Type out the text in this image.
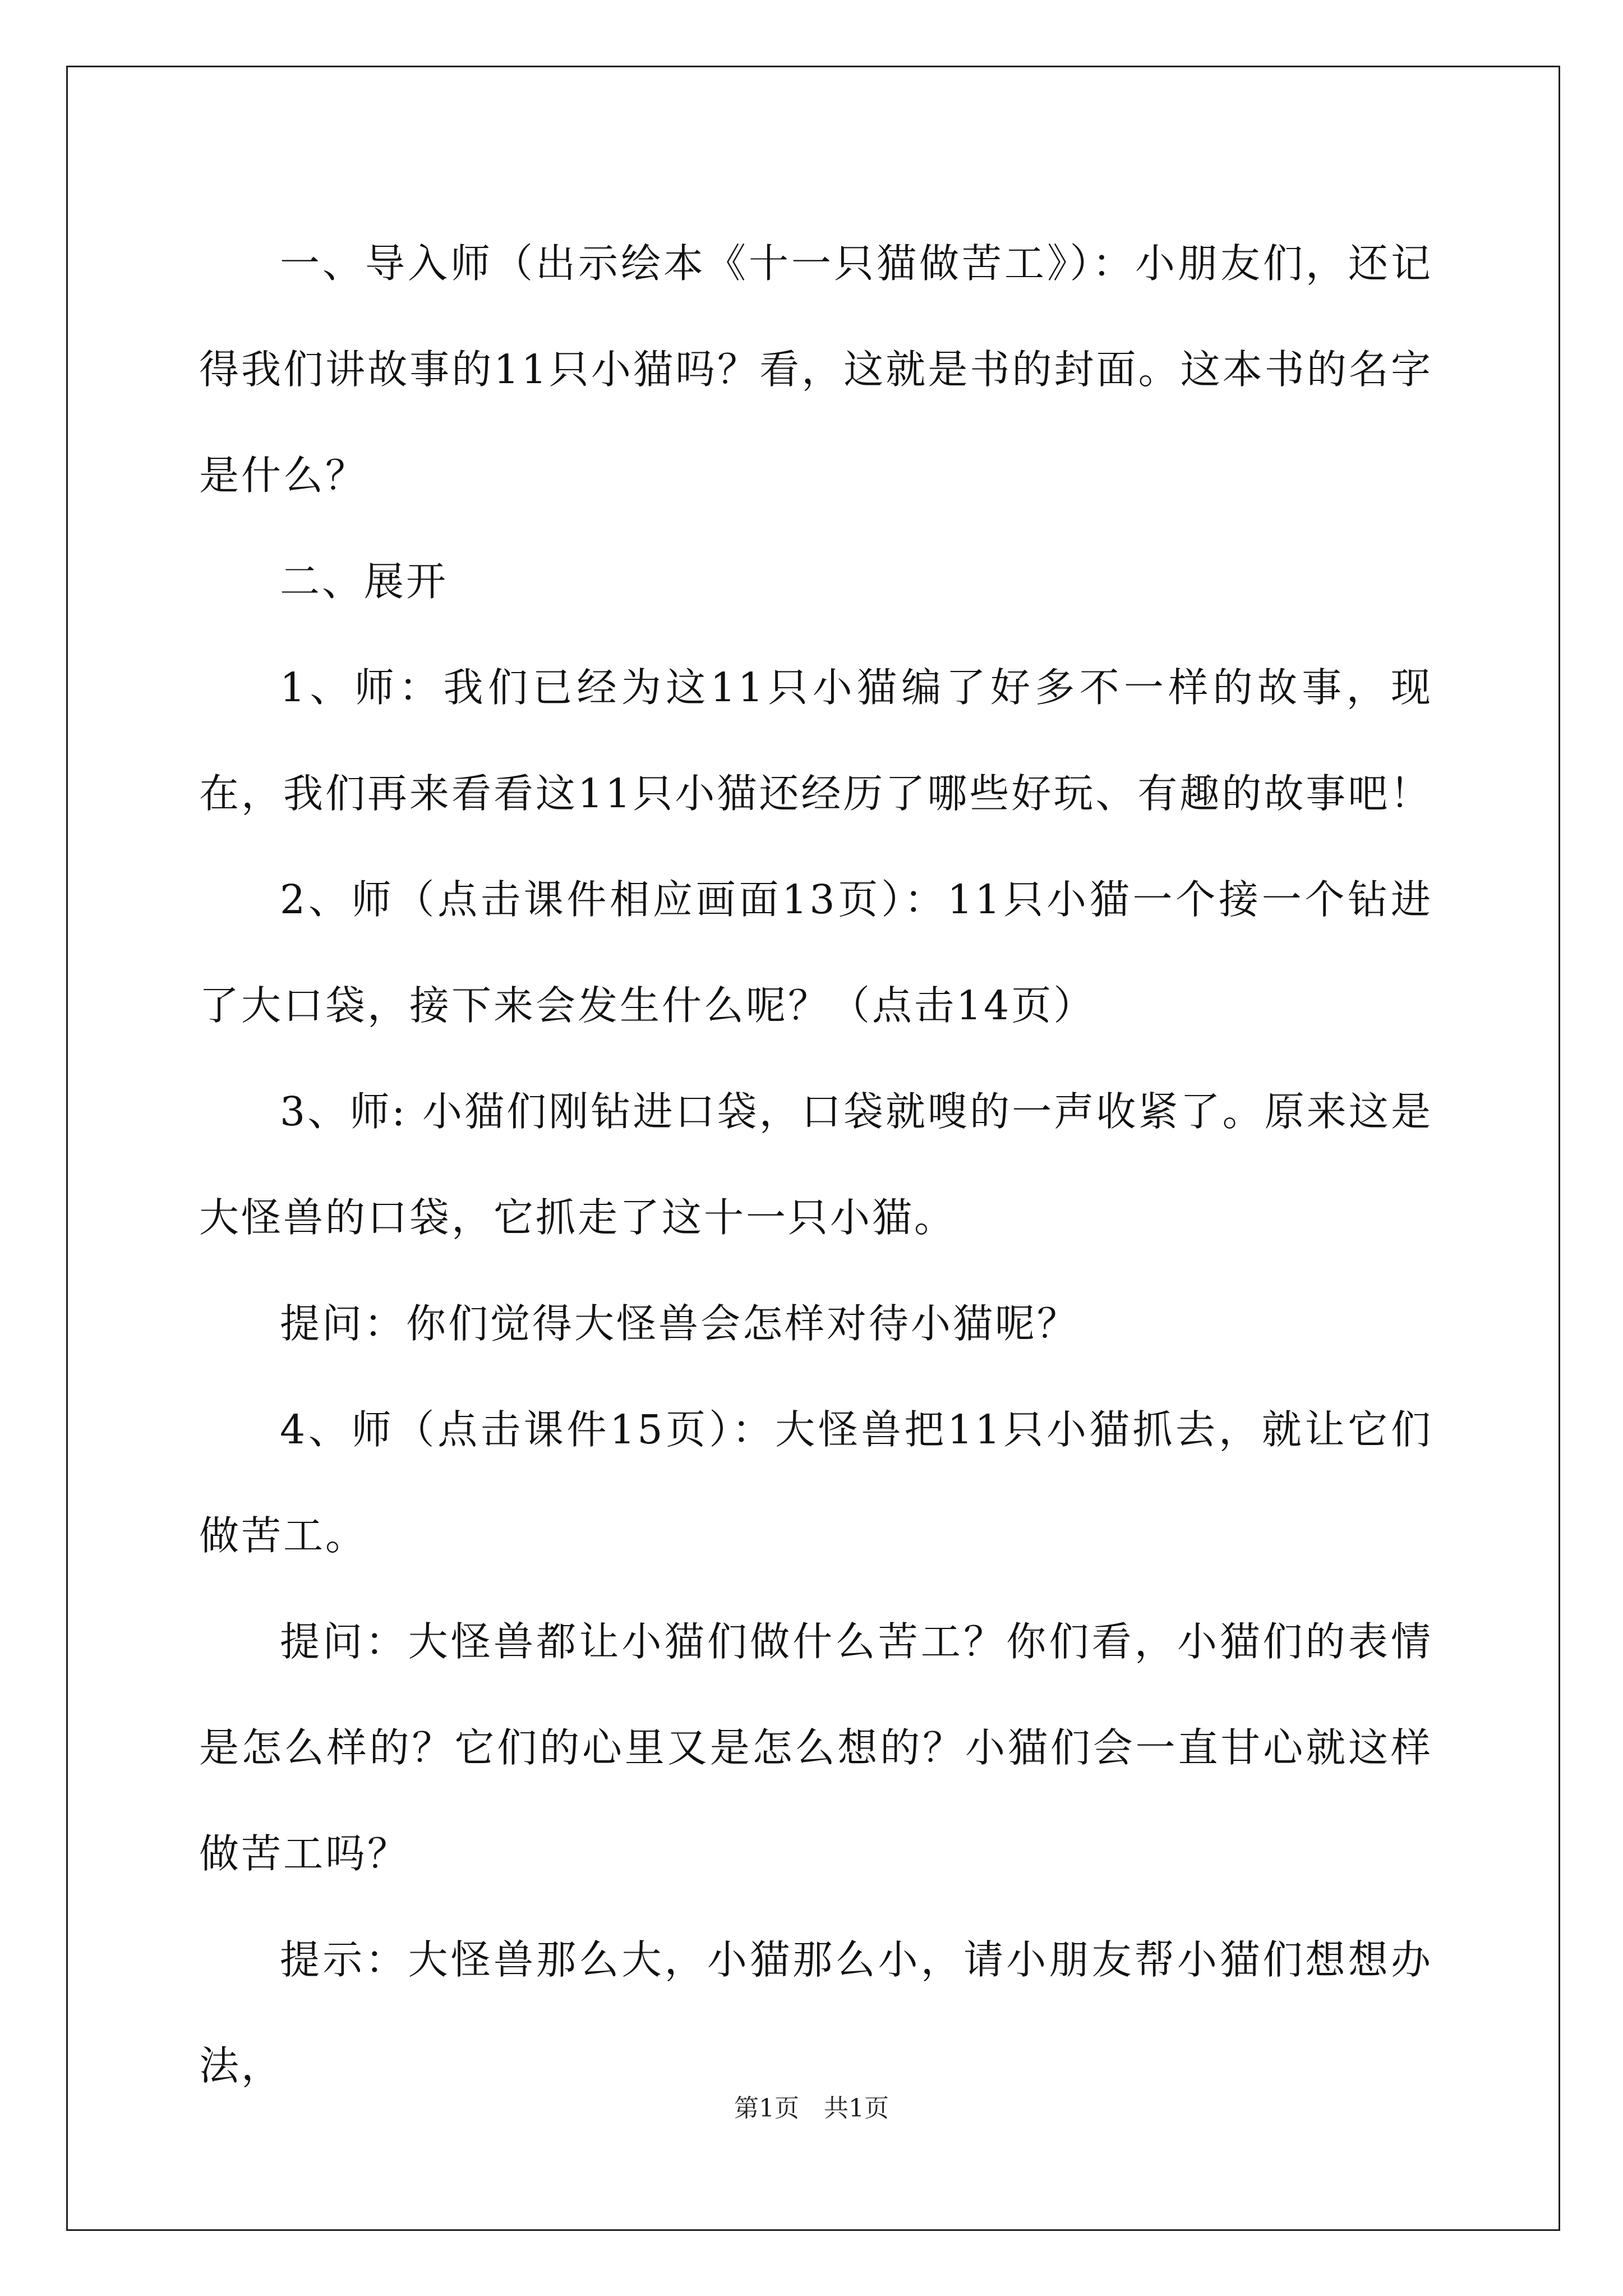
一、导入师（出示绘本《十一只猫做苦工》）：小朋友们，还记得我们讲故事的11只小猫吗？看，这就是书的封面。这本书的名字是什么？

二、展开

1、师：我们已经为这11只小猫编了好多不一样的故事，现在，我们再来看看这11只小猫还经历了哪些好玩、有趣的故事吧！

2、师（点击课件相应画面13页）：11只小猫一个接一个钻进了大口袋，接下来会发生什么呢？（点击14页）

3、师: 小猫们刚钻进口袋，口袋就嗖的一声收紧了。原来这是大怪兽的口袋，它抓走了这十一只小猫。

提问：你们觉得大怪兽会怎样对待小猫呢？

4、师（点击课件15页）：大怪兽把11只小猫抓去，就让它们做苦工。

提问：大怪兽都让小猫们做什么苦工？你们看，小猫们的表情是怎么样的？它们的心里又是怎么想的？小猫们会一直甘心就这样做苦工吗？

提示：大怪兽那么大，小猫那么小，请小朋友帮小猫们想想办法，

第1页　共1页
